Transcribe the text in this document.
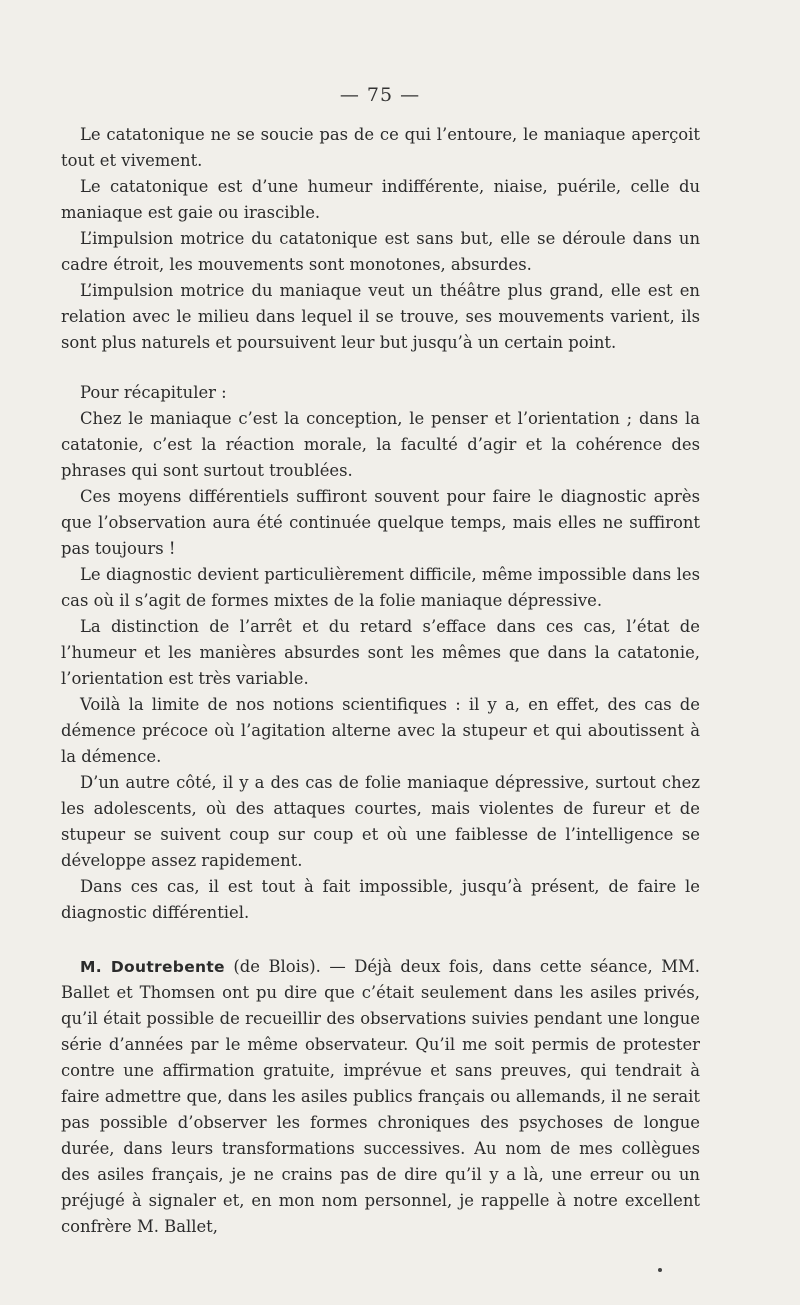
— 75 —

Le catatonique ne se soucie pas de ce qui l’entoure, le maniaque aperçoit tout et vivement.

Le catatonique est d’une humeur indifférente, niaise, puérile, celle du maniaque est gaie ou irascible.

L’impulsion motrice du catatonique est sans but, elle se déroule dans un cadre étroit, les mouvements sont monotones, absurdes.

L’impulsion motrice du maniaque veut un théâtre plus grand, elle est en relation avec le milieu dans lequel il se trouve, ses mouvements varient, ils sont plus naturels et poursuivent leur but jusqu’à un certain point.

Pour récapituler :

Chez le maniaque c’est la conception, le penser et l’orientation ; dans la catatonie, c’est la réaction morale, la faculté d’agir et la cohérence des phrases qui sont surtout troublées.

Ces moyens différentiels suffiront souvent pour faire le diagnostic après que l’observation aura été continuée quelque temps, mais elles ne suffiront pas toujours !

Le diagnostic devient particulièrement difficile, même impossible dans les cas où il s’agit de formes mixtes de la folie maniaque dépressive.

La distinction de l’arrêt et du retard s’efface dans ces cas, l’état de l’humeur et les manières absurdes sont les mêmes que dans la catatonie, l’orientation est très variable.

Voilà la limite de nos notions scientifiques : il y a, en effet, des cas de démence précoce où l’agitation alterne avec la stupeur et qui aboutissent à la démence.

D’un autre côté, il y a des cas de folie maniaque dépressive, surtout chez les adolescents, où des attaques courtes, mais violentes de fureur et de stupeur se suivent coup sur coup et où une faiblesse de l’intelligence se développe assez rapidement.

Dans ces cas, il est tout à fait impossible, jusqu’à présent, de faire le diagnostic différentiel.

M. Doutrebente (de Blois). — Déjà deux fois, dans cette séance, MM. Ballet et Thomsen ont pu dire que c’était seulement dans les asiles privés, qu’il était possible de recueillir des observations suivies pendant une longue série d’années par le même observateur. Qu’il me soit permis de protester contre une affirmation gratuite, imprévue et sans preuves, qui tendrait à faire admettre que, dans les asiles publics français ou allemands, il ne serait pas possible d’observer les formes chroniques des psychoses de longue durée, dans leurs transformations successives. Au nom de mes collègues des asiles français, je ne crains pas de dire qu’il y a là, une erreur ou un préjugé à signaler et, en mon nom personnel, je rappelle à notre excellent confrère M. Ballet,
